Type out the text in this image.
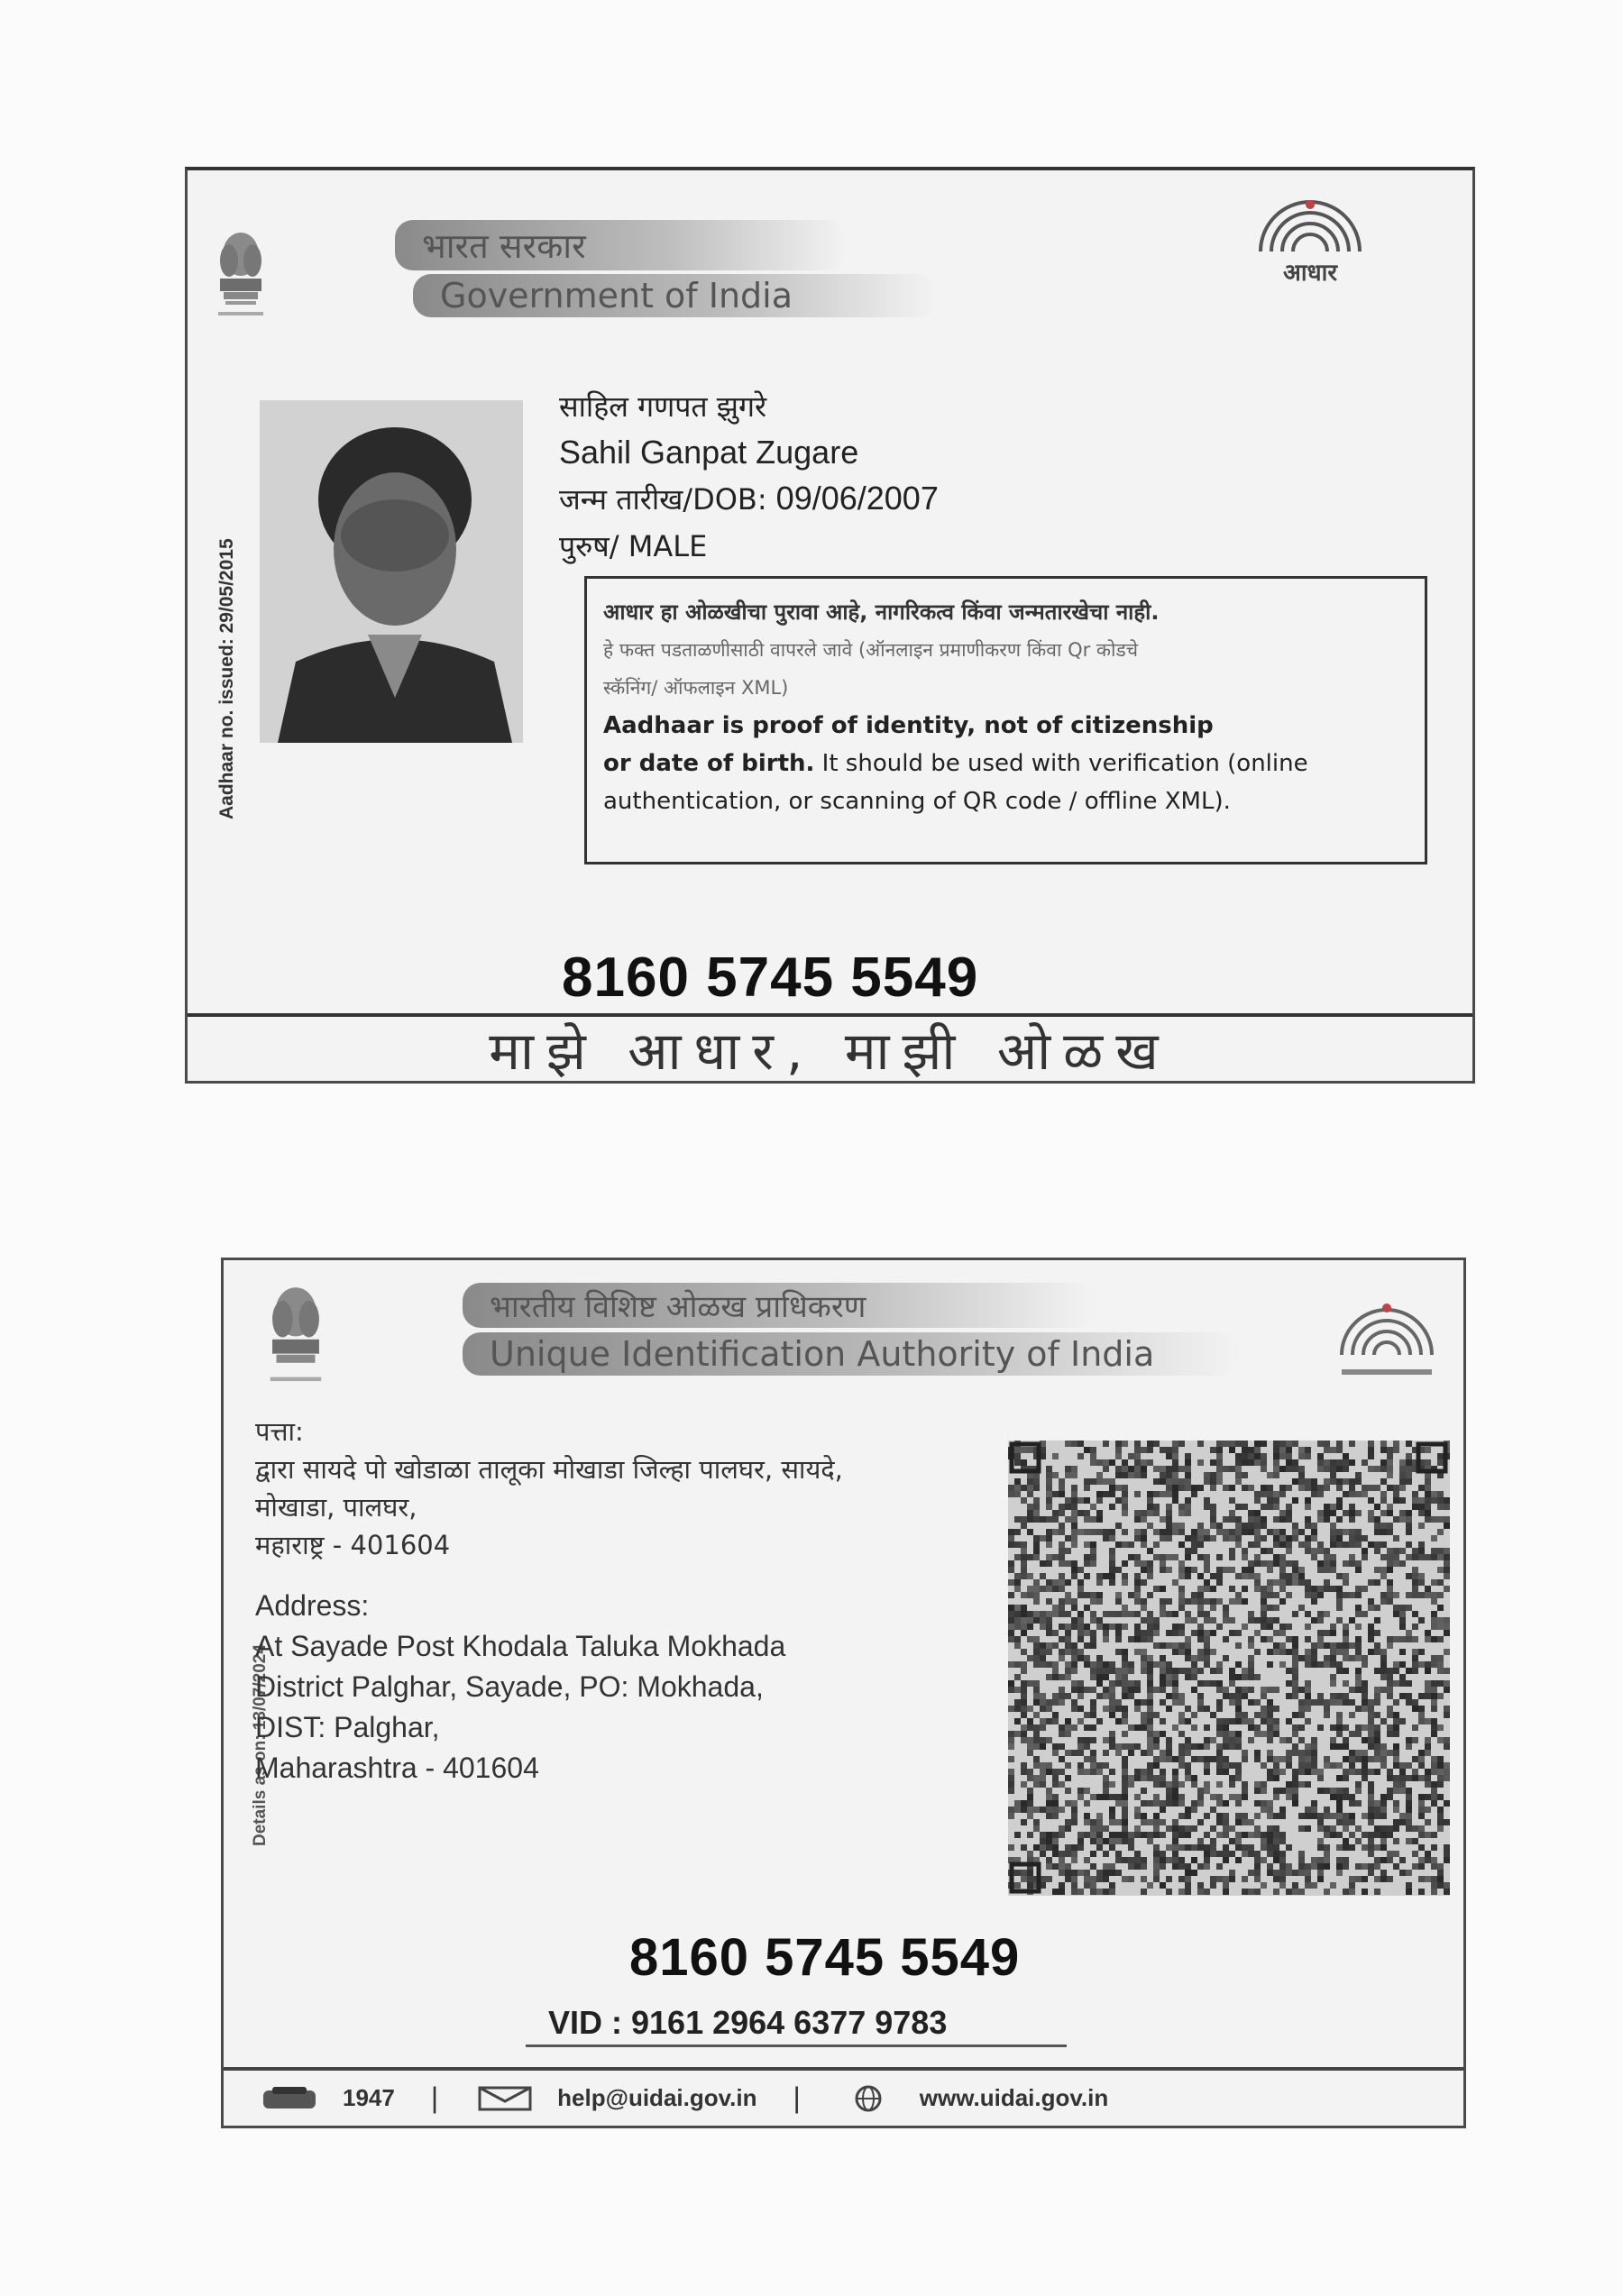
भारत सरकार
Government of India
आधार
Aadhaar no. issued: 29/05/2015
साहिल गणपत झुगरे
Sahil Ganpat Zugare
जन्म तारीख/DOB: 09/06/2007
पुरुष/ MALE
आधार हा ओळखीचा पुरावा आहे, नागरिकत्व किंवा जन्मतारखेचा नाही.
हे फक्त पडताळणीसाठी वापरले जावे (ऑनलाइन प्रमाणीकरण किंवा Qr कोडचे
स्कॅनिंग/ ऑफलाइन XML)
Aadhaar is proof of identity, not of citizenship
or date of birth. It should be used with verification (online
authentication, or scanning of QR code / offline XML).
8160 5745 5549
माझे आधार, माझी ओळख
भारतीय विशिष्ट ओळख प्राधिकरण
Unique Identification Authority of India
Details as on: 13/07/2024
पत्ता:
द्वारा सायदे पो खोडाळा तालूका मोखाडा जिल्हा पालघर, सायदे,
मोखाडा, पालघर,
महाराष्ट्र - 401604
Address:
At Sayade Post Khodala Taluka Mokhada
District Palghar, Sayade, PO: Mokhada,
DIST: Palghar,
Maharashtra - 401604
8160 5745 5549
VID : 9161 2964 6377 9783
1947 |	help@uidai.gov.in |	www.uidai.gov.in
